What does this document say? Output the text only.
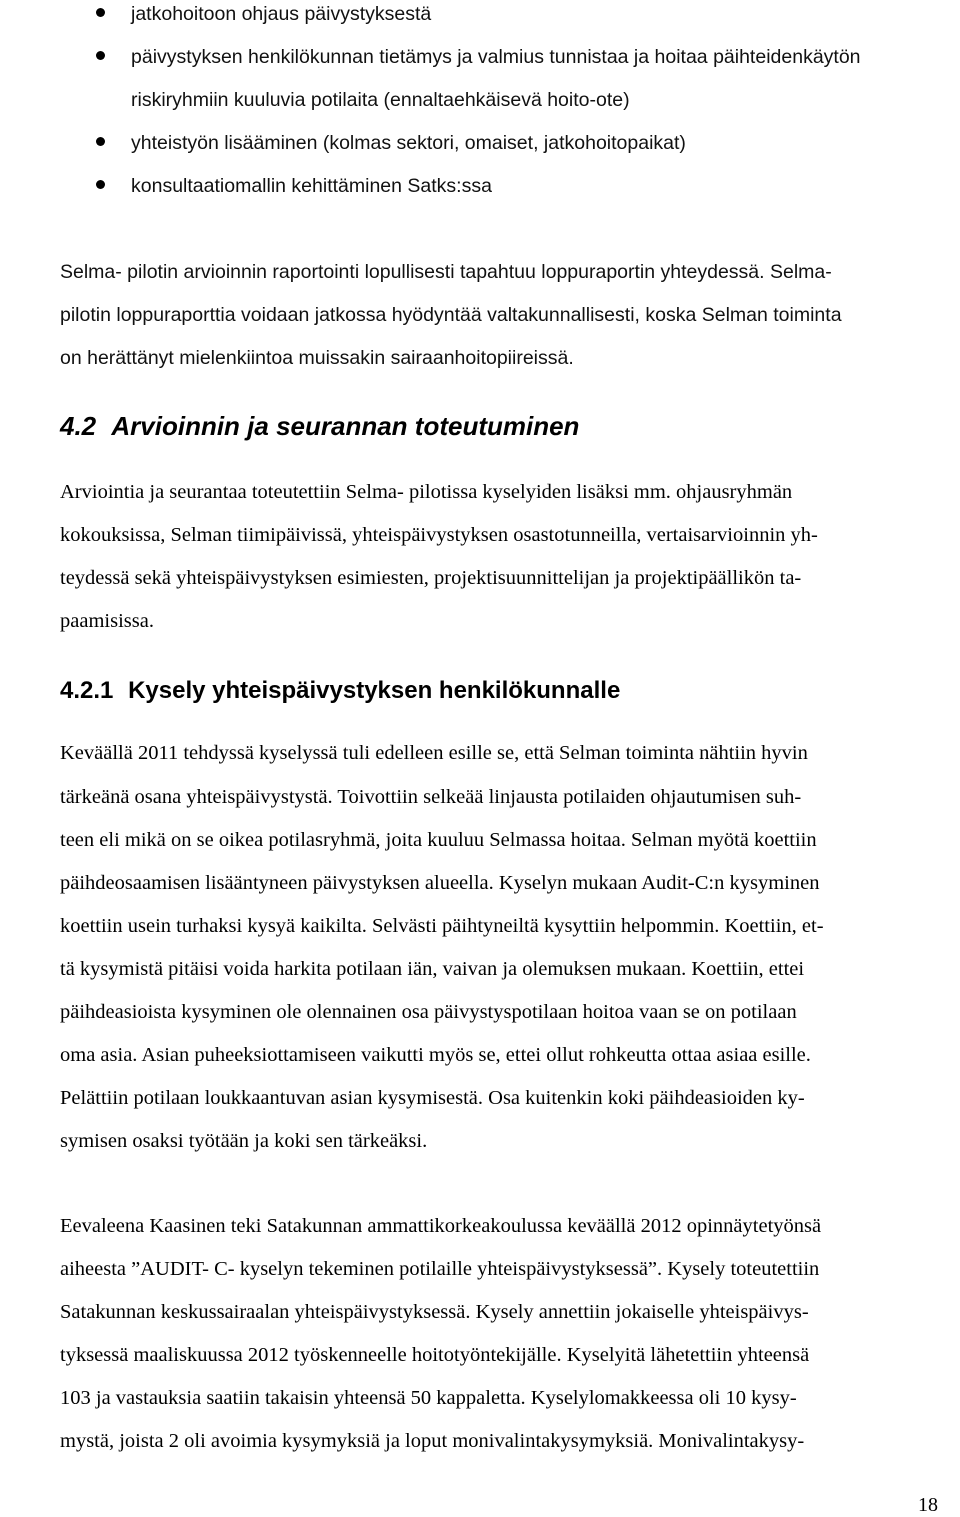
jatkohoitoon ohjaus päivystyksestä
päivystyksen henkilökunnan tietämys ja valmius tunnistaa ja hoitaa päihteidenkäytön
riskiryhmiin kuuluvia potilaita (ennaltaehkäisevä hoito-ote)
yhteistyön lisääminen (kolmas sektori, omaiset, jatkohoitopaikat)
konsultaatiomallin kehittäminen Satks:ssa
Selma- pilotin arvioinnin raportointi lopullisesti tapahtuu loppuraportin yhteydessä. Selma-
pilotin loppuraporttia voidaan jatkossa hyödyntää valtakunnallisesti, koska Selman toiminta
on herättänyt mielenkiintoa muissakin sairaanhoitopiireissä.
4.2 Arvioinnin ja seurannan toteutuminen
Arviointia ja seurantaa toteutettiin Selma- pilotissa kyselyiden lisäksi mm. ohjausryhmän
kokouksissa, Selman tiimipäivissä, yhteispäivystyksen osastotunneilla, vertaisarvioinnin yh-
teydessä sekä yhteispäivystyksen esimiesten, projektisuunnittelijan ja projektipäällikön ta-
paamisissa.
4.2.1 Kysely yhteispäivystyksen henkilökunnalle
Keväällä 2011 tehdyssä kyselyssä tuli edelleen esille se, että Selman toiminta nähtiin hyvin
tärkeänä osana yhteispäivystystä. Toivottiin selkeää linjausta potilaiden ohjautumisen suh-
teen eli mikä on se oikea potilasryhmä, joita kuuluu Selmassa hoitaa. Selman myötä koettiin
päihdeosaamisen lisääntyneen päivystyksen alueella. Kyselyn mukaan Audit-C:n kysyminen
koettiin usein turhaksi kysyä kaikilta. Selvästi päihtyneiltä kysyttiin helpommin. Koettiin, et-
tä kysymistä pitäisi voida harkita potilaan iän, vaivan ja olemuksen mukaan. Koettiin, ettei
päihdeasioista kysyminen ole olennainen osa päivystyspotilaan hoitoa vaan se on potilaan
oma asia. Asian puheeksiottamiseen vaikutti myös se, ettei ollut rohkeutta ottaa asiaa esille.
Pelättiin potilaan loukkaantuvan asian kysymisestä. Osa kuitenkin koki päihdeasioiden ky-
symisen osaksi työtään ja koki sen tärkeäksi.
Eevaleena Kaasinen teki Satakunnan ammattikorkeakoulussa keväällä 2012 opinnäytetyönsä
aiheesta ”AUDIT- C- kyselyn tekeminen potilaille yhteispäivystyksessä”. Kysely toteutettiin
Satakunnan keskussairaalan yhteispäivystyksessä. Kysely annettiin jokaiselle yhteispäivys-
tyksessä maaliskuussa 2012 työskenneelle hoitotyöntekijälle. Kyselyitä lähetettiin yhteensä
103 ja vastauksia saatiin takaisin yhteensä 50 kappaletta. Kyselylomakkeessa oli 10 kysy-
mystä, joista 2 oli avoimia kysymyksiä ja loput monivalintakysymyksiä. Monivalintakysy-
18
